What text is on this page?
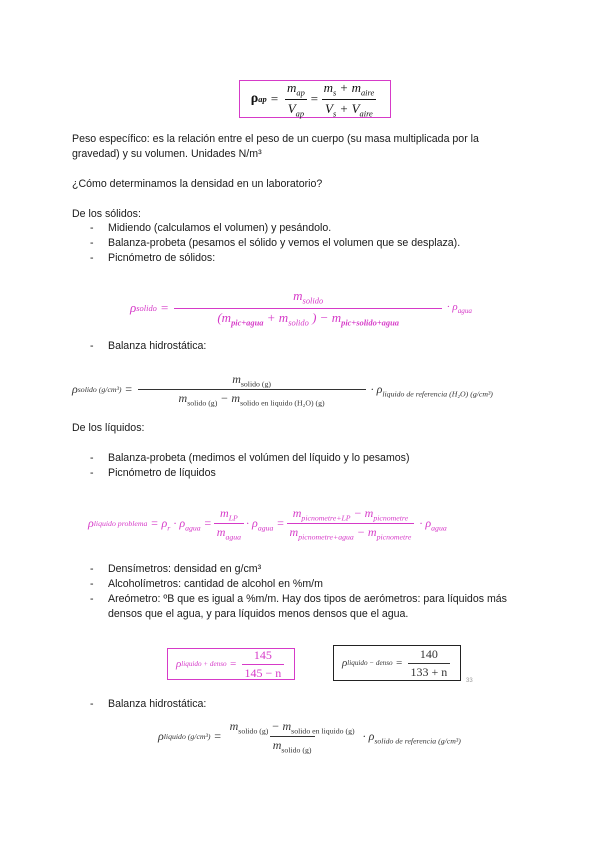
ρ ap = $\frac{m_{ap}}{V_{ap}} = \frac{m_s + m_{aire}}{V_s + V_{aire}}$
Peso específico: es la relación entre el peso de un cuerpo (su masa multiplicada por la
gravedad) y su volumen. Unidades N/m³
¿Cómo determinamos la densidad en un laboratorio?
De los sólidos:
- Midiendo (calculamos el volumen) y pesándolo.
- Balanza-probeta (pesamos el sólido y vemos el volumen que se desplaza).
- Picnómetro de sólidos:
ρ solido = $\frac{m_{solido}}{(m_{pic+agua} + m_{solido} ) - m_{pic+solido+agua}} \cdot \rho_{agua}$
- Balanza hidrostática:
ρ solido $(g/cm^3) = \frac{m_{solido (g)}}{m_{solido (g)} - m_{solido en liquido (H_2O) (g)}} \cdot \rho_{liquido de referencia (H_2O) (g/cm^3)}$
De los líquidos:
- Balanza-probeta (medimos el volúmen del líquido y lo pesamos)
- Picnómetro de líquidos
ρ liquido problema = $\rho_r \cdot \rho_{agua} = \frac{m_{LP}}{m_{agua}} \cdot \rho_{agua} = \frac{m_{picnometre+LP} - m_{picnometre}}{m_{picnometre+agua} - m_{picnometre}} \cdot \rho_{agua}$
- Densímetros: densidad en g/cm³
- Alcoholímetros: cantidad de alcohol en %m/m
- Areómetro: ºB que es igual a %m/m. Hay dos tipos de aerómetros: para líquidos más
densos que el agua, y para líquidos menos densos que el agua.
ρ liquido + denso = $\frac{145}{145 - n}$	ρ liquido − denso = $\frac{140}{133 + n}$
33
- Balanza hidrostática:
ρ liquido $(g/cm^3) = \frac{m_{solido (g)} - m_{solido en liquido (g)}}{m_{solido (g)}} \cdot \rho_{solido de referencia (g/cm^3)}$
